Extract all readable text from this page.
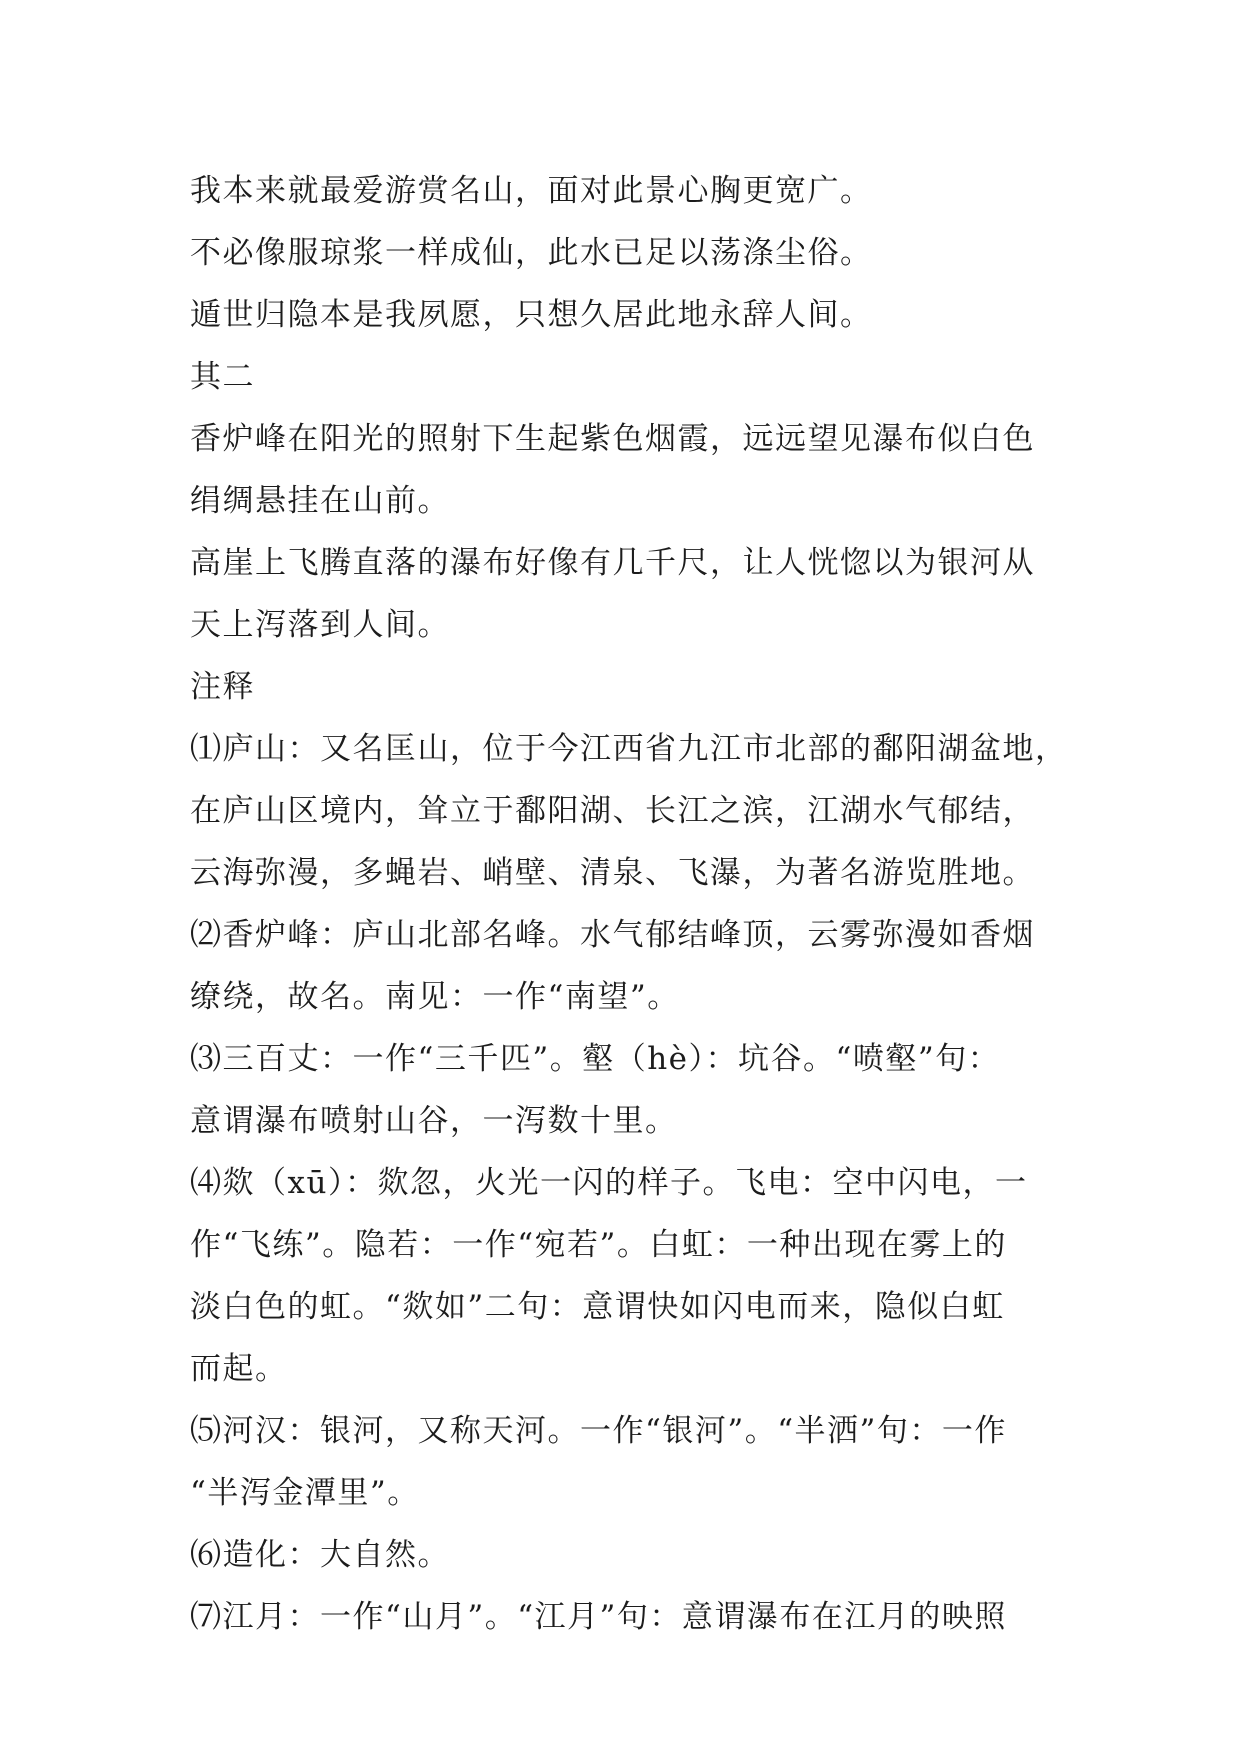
我本来就最爱游赏名山，面对此景心胸更宽广。
不必像服琼浆一样成仙，此水已足以荡涤尘俗。
遁世归隐本是我夙愿，只想久居此地永辞人间。
其二
香炉峰在阳光的照射下生起紫色烟霞，远远望见瀑布似白色
绢绸悬挂在山前。
高崖上飞腾直落的瀑布好像有几千尺，让人恍惚以为银河从
天上泻落到人间。
注释
⑴庐山：又名匡山，位于今江西省九江市北部的鄱阳湖盆地，
在庐山区境内，耸立于鄱阳湖、长江之滨，江湖水气郁结，
云海弥漫，多蝇岩、峭壁、清泉、飞瀑，为著名游览胜地。
⑵香炉峰：庐山北部名峰。水气郁结峰顶，云雾弥漫如香烟
缭绕，故名。南见：一作“南望”。
⑶三百丈：一作“三千匹”。壑（hè）：坑谷。“喷壑”句：
意谓瀑布喷射山谷，一泻数十里。
⑷欻（xū）：欻忽，火光一闪的样子。飞电：空中闪电，一
作“飞练”。隐若：一作“宛若”。白虹：一种出现在雾上的
淡白色的虹。“欻如”二句：意谓快如闪电而来，隐似白虹
而起。
⑸河汉：银河，又称天河。一作“银河”。“半洒”句：一作
“半泻金潭里”。
⑹造化：大自然。
⑺江月：一作“山月”。“江月”句：意谓瀑布在江月的映照
